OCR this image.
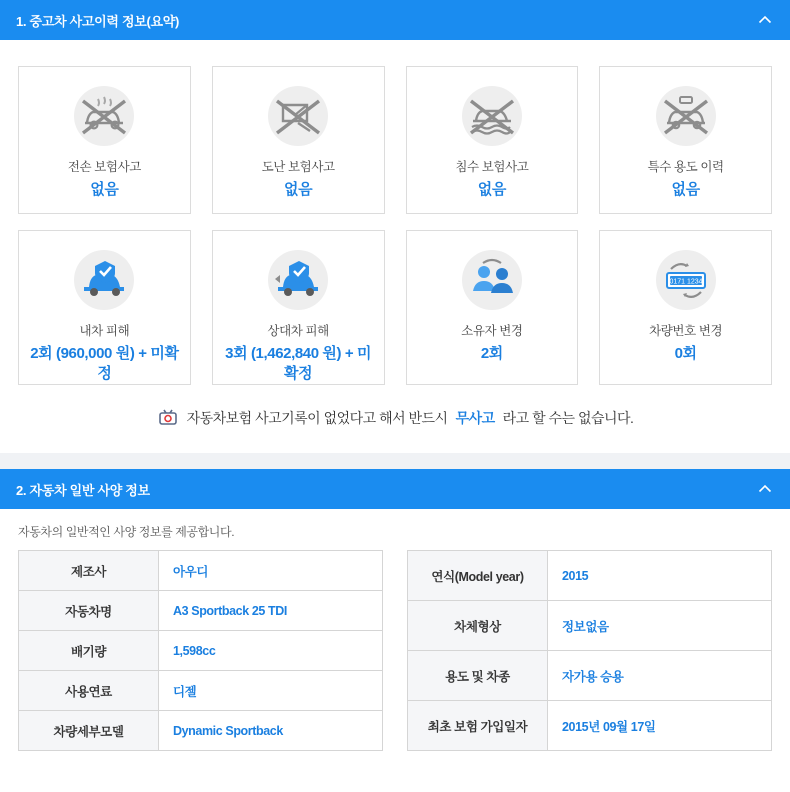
1. 중고차 사고이력 정보(요약)
전손 보험사고
없음
도난 보험사고
없음
침수 보험사고
없음
특수 용도 이력
없음
내차 피해
2회 (960,000 원) + 미확정
상대차 피해
3회 (1,462,840 원) + 미확정
소유자 변경
2회
0171 1234
차량번호 변경
0회
자동차보험 사고기록이 없었다고 해서 반드시 무사고 라고 할 수는 없습니다.
2. 자동차 일반 사양 정보
자동차의 일반적인 사양 정보를 제공합니다.
제조사	아우디
자동차명	A3 Sportback 25 TDI
배기량	1,598cc
사용연료	디젤
차량세부모델	Dynamic Sportback
연식(Model year)	2015
차체형상	정보없음
용도 및 차종	자가용 승용
최초 보험 가입일자	2015년 09월 17일
